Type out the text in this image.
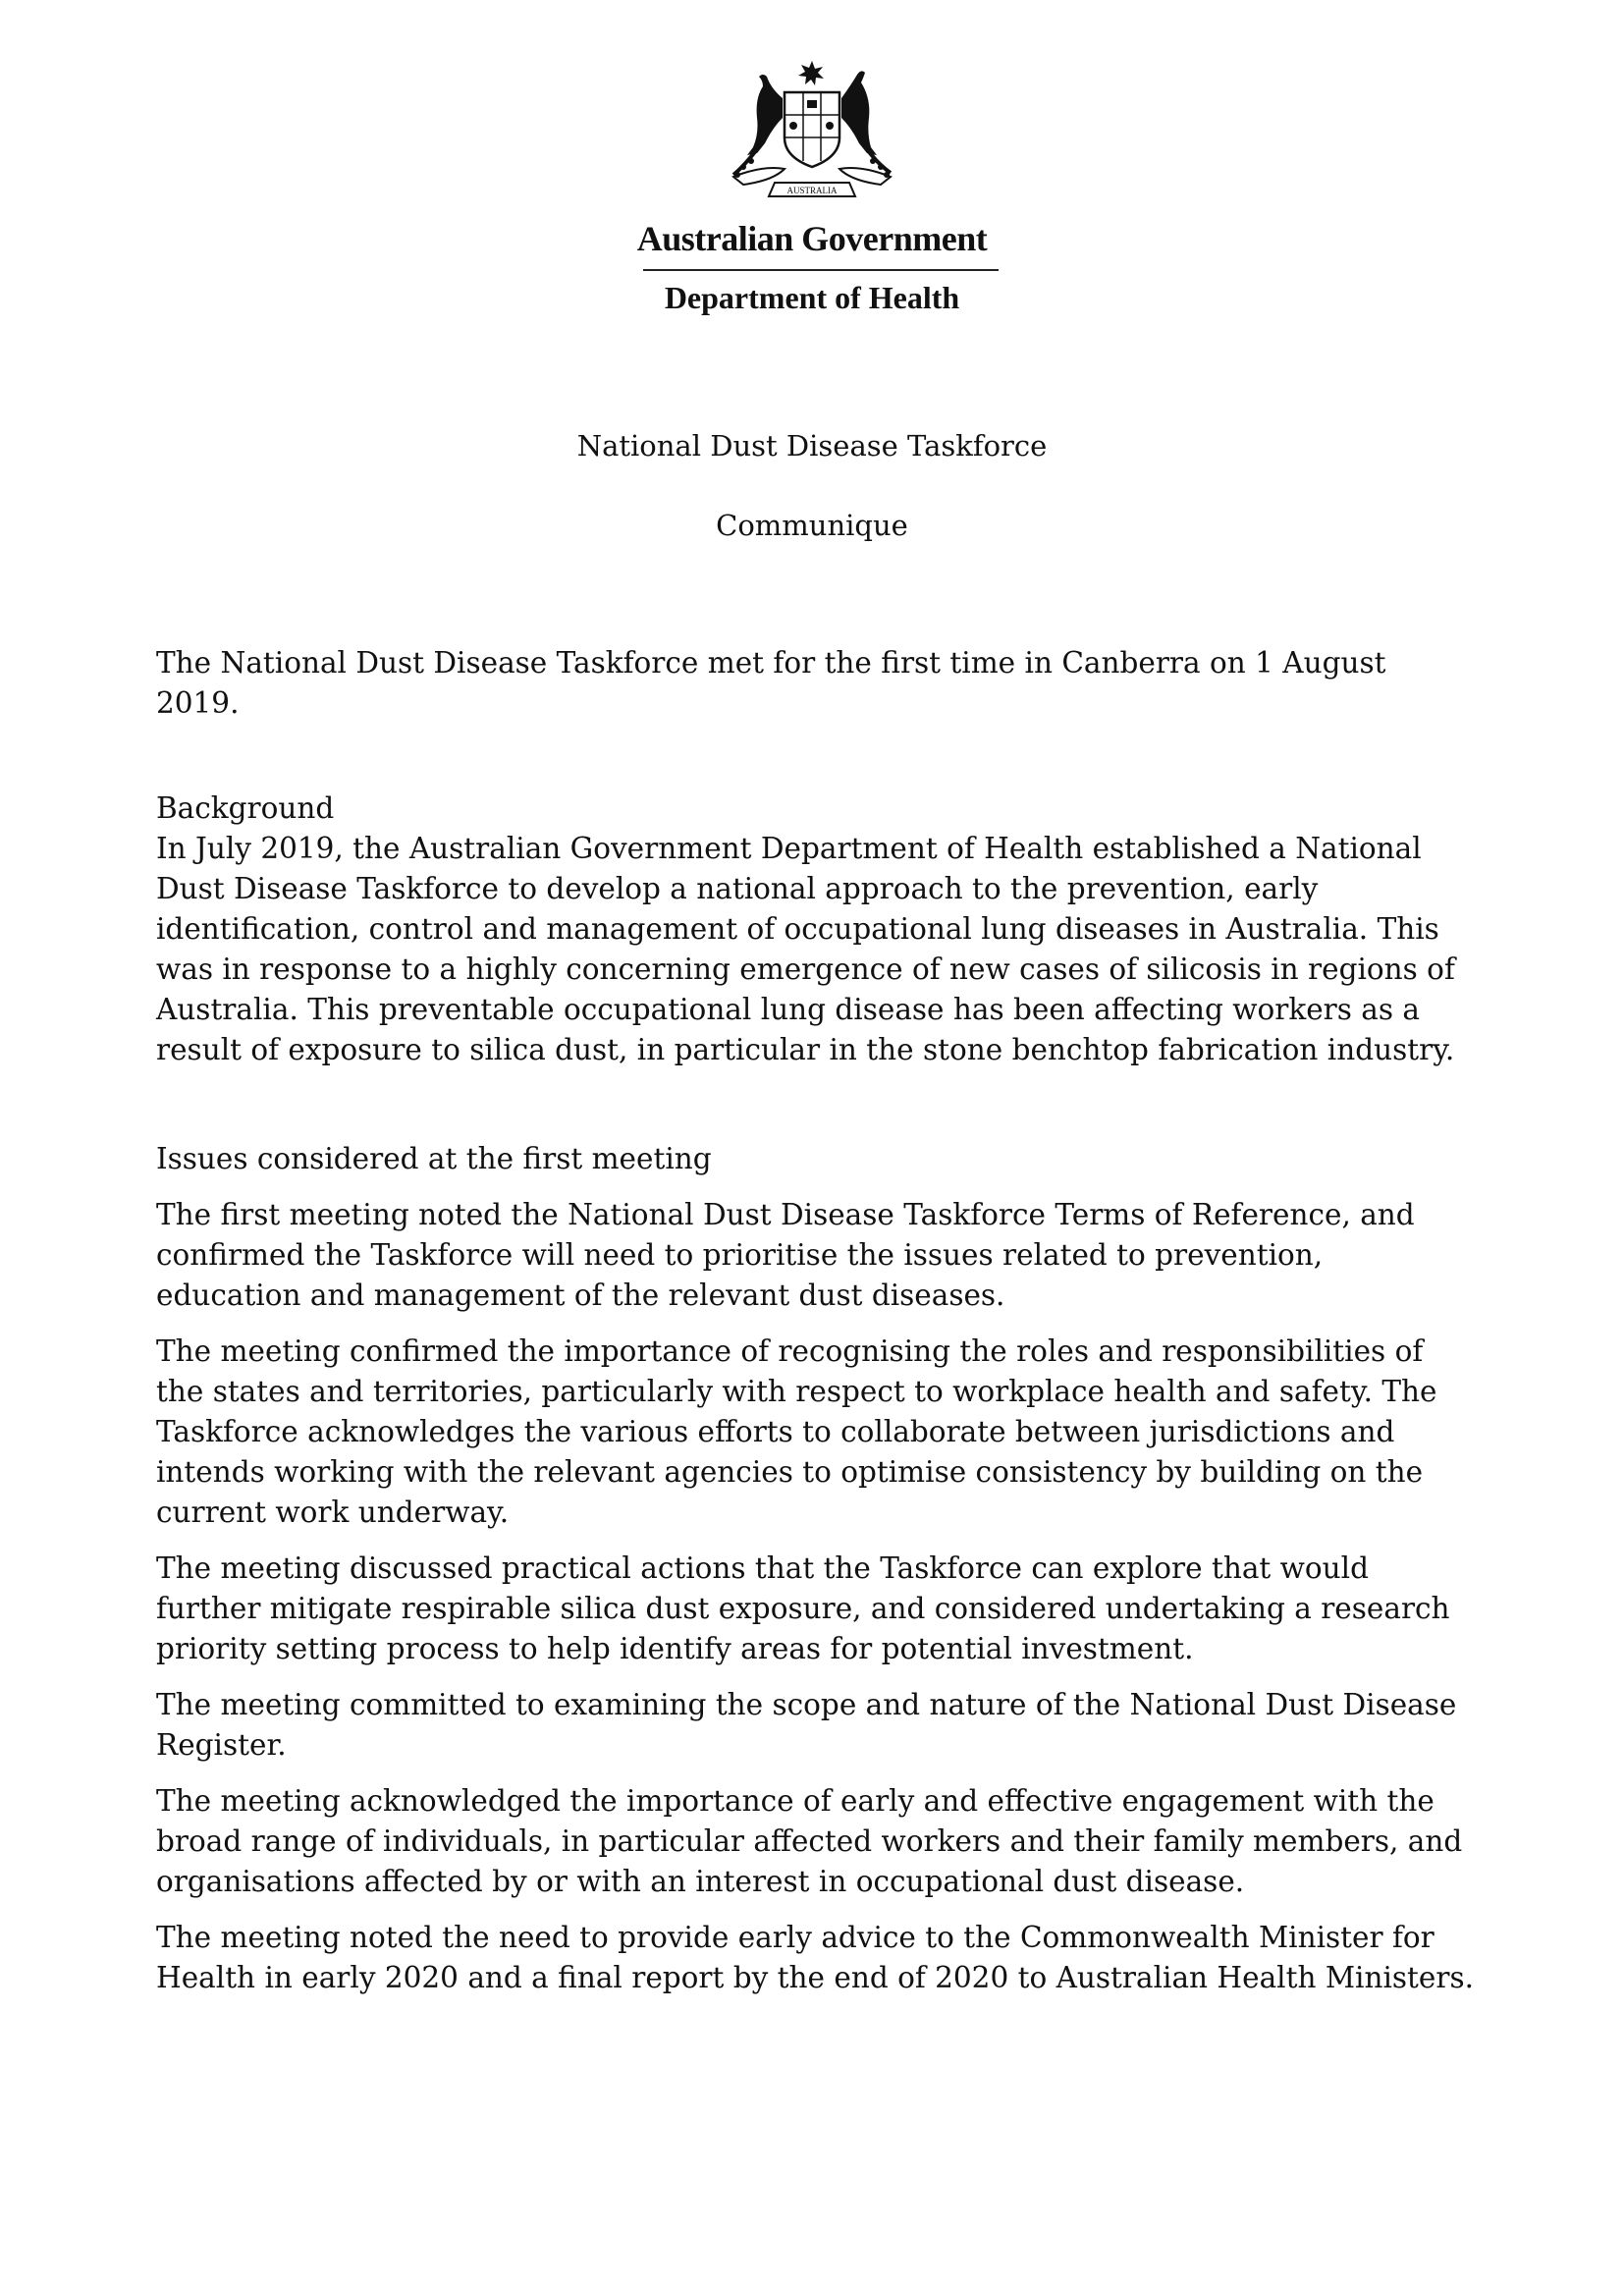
AUSTRALIA
Australian Government
Department of Health
National Dust Disease Taskforce
Communique

The National Dust Disease Taskforce met for the first time in Canberra on 1 August 2019.

Background

In July 2019, the Australian Government Department of Health established a National Dust Disease Taskforce to develop a national approach to the prevention, early identification, control and management of occupational lung diseases in Australia. This was in response to a highly concerning emergence of new cases of silicosis in regions of Australia. This preventable occupational lung disease has been affecting workers as a result of exposure to silica dust, in particular in the stone benchtop fabrication industry.

Issues considered at the first meeting

The first meeting noted the National Dust Disease Taskforce Terms of Reference, and confirmed the Taskforce will need to prioritise the issues related to prevention, education and management of the relevant dust diseases.

The meeting confirmed the importance of recognising the roles and responsibilities of the states and territories, particularly with respect to workplace health and safety. The Taskforce acknowledges the various efforts to collaborate between jurisdictions and intends working with the relevant agencies to optimise consistency by building on the current work underway.

The meeting discussed practical actions that the Taskforce can explore that would further mitigate respirable silica dust exposure, and considered undertaking a research priority setting process to help identify areas for potential investment.

The meeting committed to examining the scope and nature of the National Dust Disease Register.

The meeting acknowledged the importance of early and effective engagement with the broad range of individuals, in particular affected workers and their family members, and organisations affected by or with an interest in occupational dust disease.

The meeting noted the need to provide early advice to the Commonwealth Minister for Health in early 2020 and a final report by the end of 2020 to Australian Health Ministers.
